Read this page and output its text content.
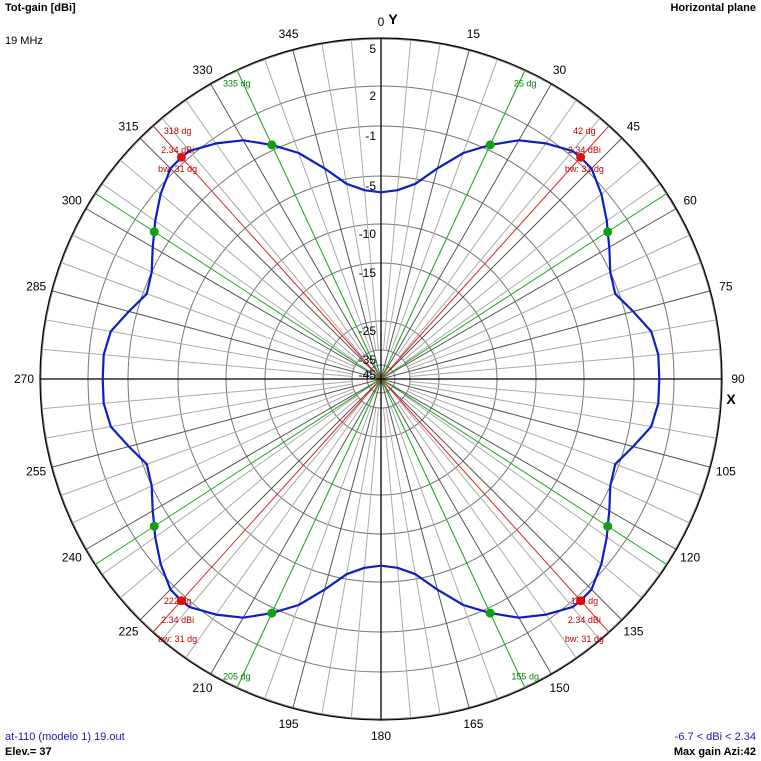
Tot-gain [dBi]	Horizontal plane
19 MHz
at-110 (modelo 1) 19.out
Elev.= 37
-6.7 < dBi < 2.34
Max gain Azi:42
0
15
30
45
60
75
90
105
120
135
150
165
180
195
210
225
240
255
270
285
300
315
330
345
5
2
-1
-5
-10
-15
-25
-35
-45
Y
X
42 dg
2.34 dBi
bw: 31 dg
138 dg
2.34 dBi
bw: 31 dg
222 dg
2.34 dBi
bw: 31 dg
318 dg
2.34 dBi
bw: 31 dg
25 dg
155 dg
205 dg
335 dg
